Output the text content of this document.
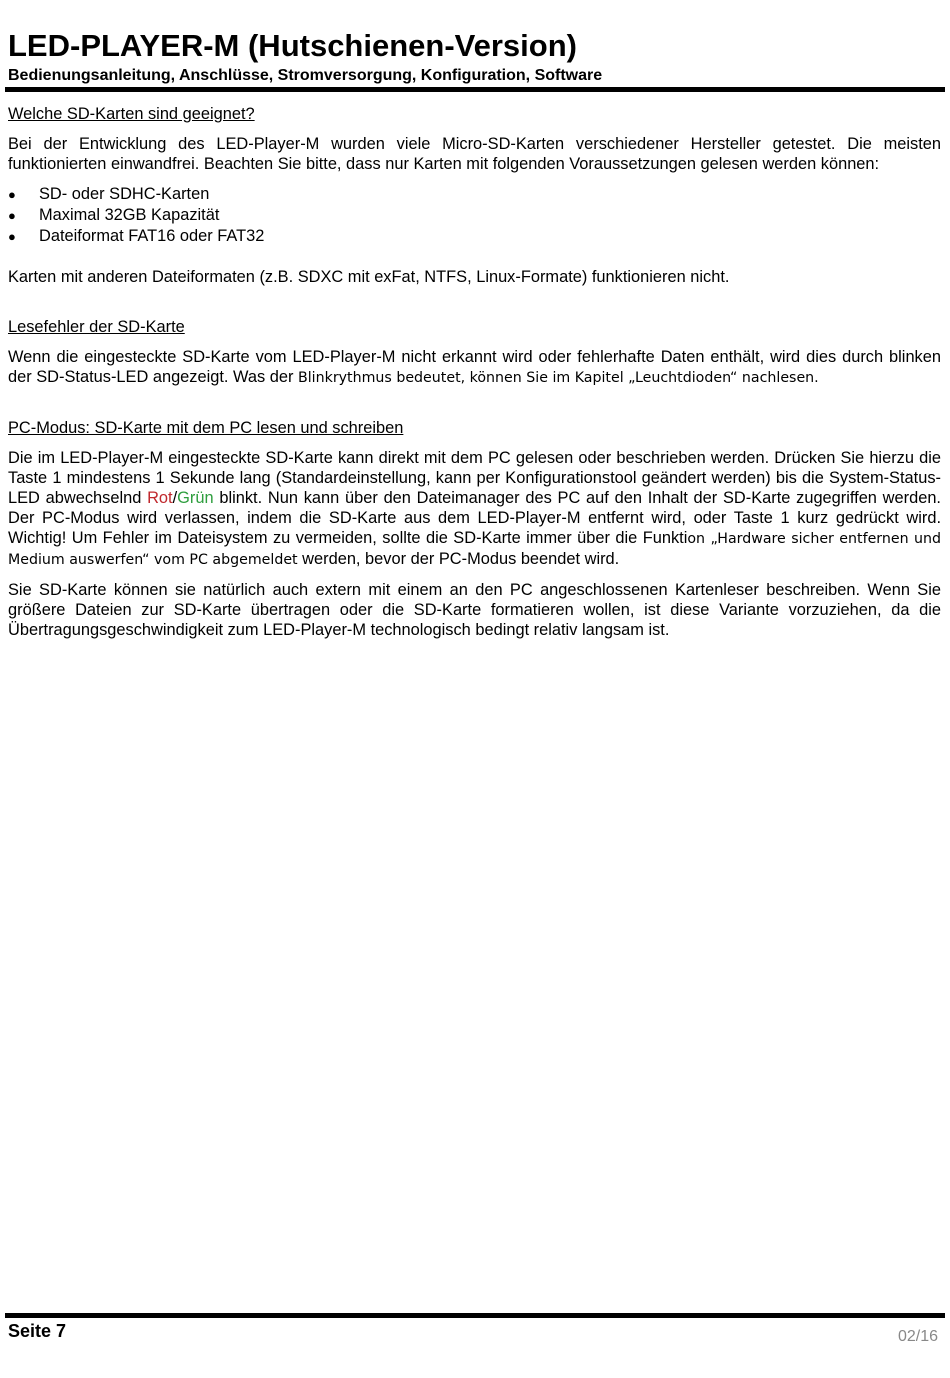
LED-PLAYER-M (Hutschienen-Version)
Bedienungsanleitung, Anschlüsse, Stromversorgung, Konfiguration, Software
Welche SD-Karten sind geeignet?

Bei der Entwicklung des LED-Player-M wurden viele Micro-SD-Karten verschiedener Hersteller getestet. Die meisten funktionierten einwandfrei. Beachten Sie bitte, dass nur Karten mit folgenden Voraussetzungen gelesen werden können:

●	SD- oder SDHC-Karten
●	Maximal 32GB Kapazität
●	Dateiformat FAT16 oder FAT32

Karten mit anderen Dateiformaten (z.B. SDXC mit exFat, NTFS, Linux-Formate) funktionieren nicht.

Lesefehler der SD-Karte

Wenn die eingesteckte SD-Karte vom LED-Player-M nicht erkannt wird oder fehlerhafte Daten enthält, wird dies durch blinken der SD-Status-LED angezeigt. Was der Blinkrythmus bedeutet, können Sie im Kapitel „Leuchtdioden“ nachlesen.

PC-Modus: SD-Karte mit dem PC lesen und schreiben

Die im LED-Player-M eingesteckte SD-Karte kann direkt mit dem PC gelesen oder beschrieben werden. Drücken Sie hierzu die Taste 1 mindestens 1 Sekunde lang (Standardeinstellung, kann per Konfigurationstool geändert werden) bis die System-Status-LED abwechselnd Rot/Grün blinkt. Nun kann über den Dateimanager des PC auf den Inhalt der SD-Karte zugegriffen werden. Der PC-Modus wird verlassen, indem die SD-Karte aus dem LED-Player-M entfernt wird, oder Taste 1 kurz gedrückt wird. Wichtig! Um Fehler im Dateisystem zu vermeiden, sollte die SD-Karte immer über die Funktion „Hardware sicher entfernen und Medium auswerfen“ vom PC abgemeldet werden, bevor der PC-Modus beendet wird.

Sie SD-Karte können sie natürlich auch extern mit einem an den PC angeschlossenen Kartenleser beschreiben. Wenn Sie größere Dateien zur SD-Karte übertragen oder die SD-Karte formatieren wollen, ist diese Variante vorzuziehen, da die Übertragungsgeschwindigkeit zum LED-Player-M technologisch bedingt relativ langsam ist.

Seite 7	02/16
